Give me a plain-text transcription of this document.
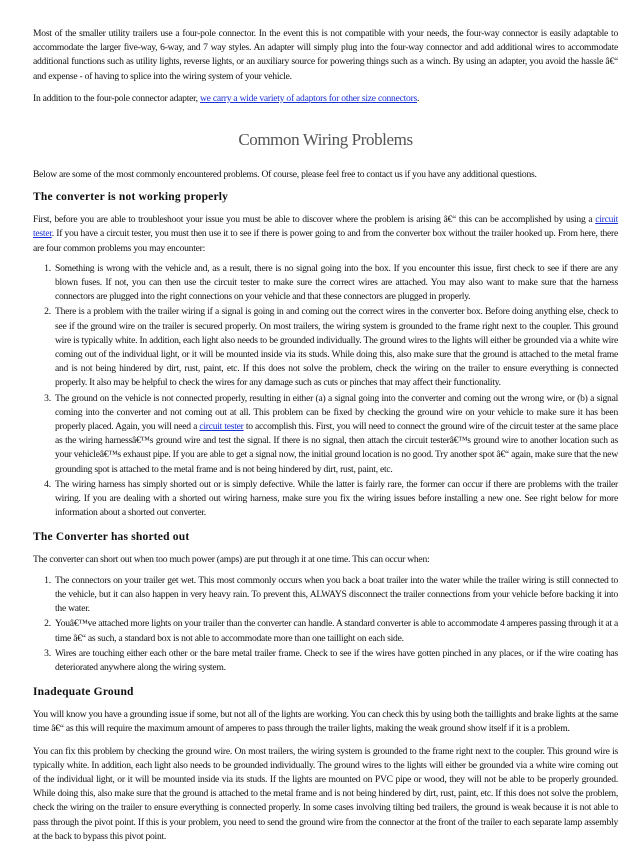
Most of the smaller utility trailers use a four-pole connector. In the event this is not compatible with your needs, the four-way connector is easily adaptable to accommodate the larger five-way, 6-way, and 7 way styles. An adapter will simply plug into the four-way connector and add additional wires to accommodate additional functions such as utility lights, reverse lights, or an auxiliary source for powering things such as a winch. By using an adapter, you avoid the hassle â€“ and expense - of having to splice into the wiring system of your vehicle.

In addition to the four-pole connector adapter, we carry a wide variety of adaptors for other size connectors.

Common Wiring Problems

Below are some of the most commonly encountered problems. Of course, please feel free to contact us if you have any additional questions.

The converter is not working properly

First, before you are able to troubleshoot your issue you must be able to discover where the problem is arising â€“ this can be accomplished by using a circuit tester. If you have a circuit tester, you must then use it to see if there is power going to and from the converter box without the trailer hooked up. From here, there are four common problems you may encounter:

1. Something is wrong with the vehicle and, as a result, there is no signal going into the box. If you encounter this issue, first check to see if there are any blown fuses. If not, you can then use the circuit tester to make sure the correct wires are attached. You may also want to make sure that the harness connectors are plugged into the right connections on your vehicle and that these connectors are plugged in properly.
2. There is a problem with the trailer wiring if a signal is going in and coming out the correct wires in the converter box. Before doing anything else, check to see if the ground wire on the trailer is secured properly. On most trailers, the wiring system is grounded to the frame right next to the coupler. This ground wire is typically white. In addition, each light also needs to be grounded individually. The ground wires to the lights will either be grounded via a white wire coming out of the individual light, or it will be mounted inside via its studs. While doing this, also make sure that the ground is attached to the metal frame and is not being hindered by dirt, rust, paint, etc. If this does not solve the problem, check the wiring on the trailer to ensure everything is connected properly. It also may be helpful to check the wires for any damage such as cuts or pinches that may affect their functionality.
3. The ground on the vehicle is not connected properly, resulting in either (a) a signal going into the converter and coming out the wrong wire, or (b) a signal coming into the converter and not coming out at all. This problem can be fixed by checking the ground wire on your vehicle to make sure it has been properly placed. Again, you will need a circuit tester to accomplish this. First, you will need to connect the ground wire of the circuit tester at the same place as the wiring harnessâ€™s ground wire and test the signal. If there is no signal, then attach the circuit testerâ€™s ground wire to another location such as your vehicleâ€™s exhaust pipe. If you are able to get a signal now, the initial ground location is no good. Try another spot â€“ again, make sure that the new grounding spot is attached to the metal frame and is not being hindered by dirt, rust, paint, etc.
4. The wiring harness has simply shorted out or is simply defective. While the latter is fairly rare, the former can occur if there are problems with the trailer wiring. If you are dealing with a shorted out wiring harness, make sure you fix the wiring issues before installing a new one. See right below for more information about a shorted out converter.
The Converter has shorted out

The converter can short out when too much power (amps) are put through it at one time. This can occur when:

1. The connectors on your trailer get wet. This most commonly occurs when you back a boat trailer into the water while the trailer wiring is still connected to the vehicle, but it can also happen in very heavy rain. To prevent this, ALWAYS disconnect the trailer connections from your vehicle before backing it into the water.
2. Youâ€™ve attached more lights on your trailer than the converter can handle. A standard converter is able to accommodate 4 amperes passing through it at a time â€“ as such, a standard box is not able to accommodate more than one taillight on each side.
3. Wires are touching either each other or the bare metal trailer frame. Check to see if the wires have gotten pinched in any places, or if the wire coating has deteriorated anywhere along the wiring system.
Inadequate Ground

You will know you have a grounding issue if some, but not all of the lights are working. You can check this by using both the taillights and brake lights at the same time â€“ as this will require the maximum amount of amperes to pass through the trailer lights, making the weak ground show itself if it is a problem.

You can fix this problem by checking the ground wire. On most trailers, the wiring system is grounded to the frame right next to the coupler. This ground wire is typically white. In addition, each light also needs to be grounded individually. The ground wires to the lights will either be grounded via a white wire coming out of the individual light, or it will be mounted inside via its studs. If the lights are mounted on PVC pipe or wood, they will not be able to be properly grounded. While doing this, also make sure that the ground is attached to the metal frame and is not being hindered by dirt, rust, paint, etc. If this does not solve the problem, check the wiring on the trailer to ensure everything is connected properly. In some cases involving tilting bed trailers, the ground is weak because it is not able to pass through the pivot point. If this is your problem, you need to send the ground wire from the connector at the front of the trailer to each separate lamp assembly at the back to bypass this pivot point.
